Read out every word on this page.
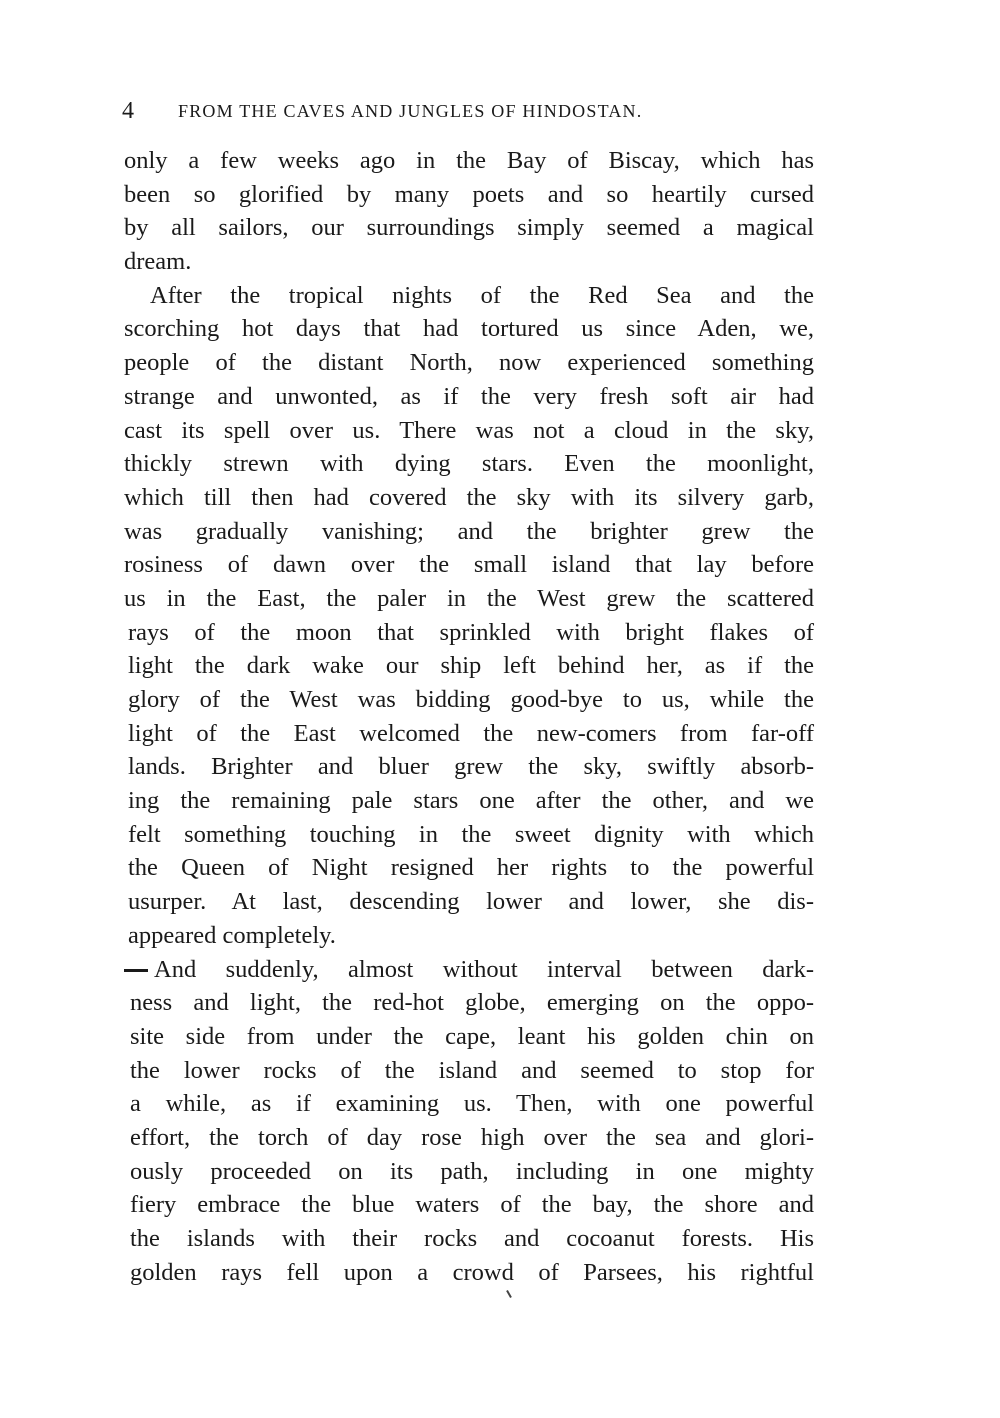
4 FROM THE CAVES AND JUNGLES OF HINDOSTAN.
only a few weeks ago in the Bay of Biscay, which has
been so glorified by many poets and so heartily cursed
by all sailors, our surroundings simply seemed a magical
dream.
After the tropical nights of the Red Sea and the
scorching hot days that had tortured us since Aden, we,
people of the distant North, now experienced something
strange and unwonted, as if the very fresh soft air had
cast its spell over us. There was not a cloud in the sky,
thickly strewn with dying stars. Even the moonlight,
which till then had covered the sky with its silvery garb,
was gradually vanishing; and the brighter grew the
rosiness of dawn over the small island that lay before
us in the East, the paler in the West grew the scattered
rays of the moon that sprinkled with bright flakes of
light the dark wake our ship left behind her, as if the
glory of the West was bidding good-bye to us, while the
light of the East welcomed the new-comers from far-off
lands. Brighter and bluer grew the sky, swiftly absorb-
ing the remaining pale stars one after the other, and we
felt something touching in the sweet dignity with which
the Queen of Night resigned her rights to the powerful
usurper. At last, descending lower and lower, she dis-
appeared completely.
And suddenly, almost without interval between dark-
ness and light, the red-hot globe, emerging on the oppo-
site side from under the cape, leant his golden chin on
the lower rocks of the island and seemed to stop for
a while, as if examining us. Then, with one powerful
effort, the torch of day rose high over the sea and glori-
ously proceeded on its path, including in one mighty
fiery embrace the blue waters of the bay, the shore and
the islands with their rocks and cocoanut forests. His
golden rays fell upon a crowd of Parsees, his rightful
